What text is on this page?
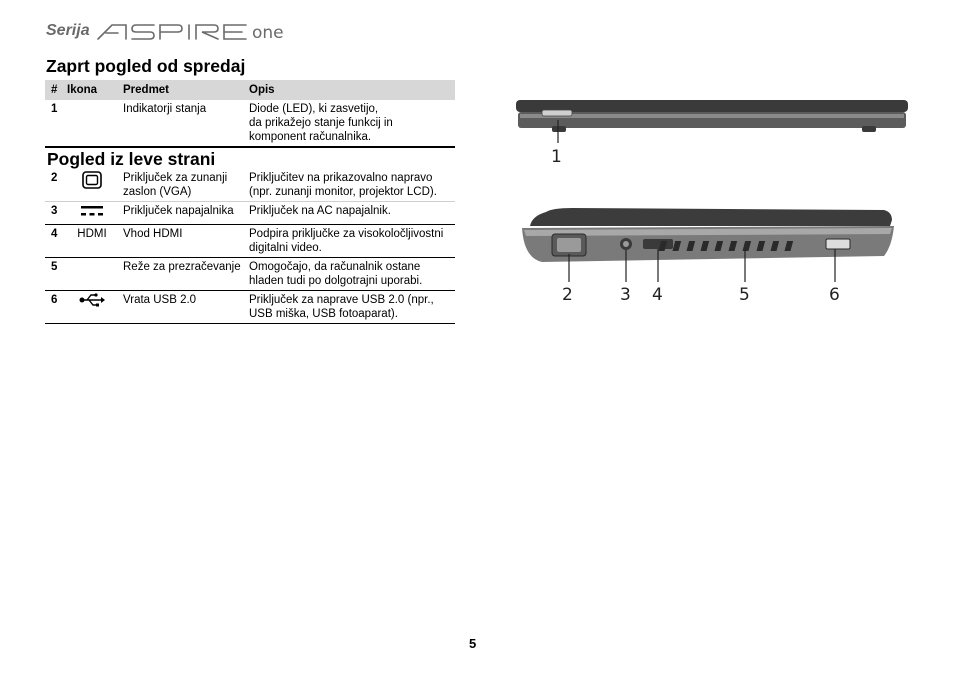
Serija	one
Zaprt pogled od spredaj
#	Ikona	Predmet	Opis
1		Indikatorji stanja	Diode (LED), ki zasvetijo,
da prikažejo stanje funkcij in
komponent računalnika.
Pogled iz leve strani
2		Priključek za zunanji zaslon (VGA)	Priključitev na prikazovalno napravo (npr. zunanji monitor, projektor LCD).
3		Priključek napajalnika	Priključek na AC napajalnik.
4	HDMI	Vhod HDMI	Podpira priključke za visokoločljivostni digitalni video.
5		Reže za prezračevanje	Omogočajo, da računalnik ostane hladen tudi po dolgotrajni uporabi.
6		Vrata USB 2.0	Priključek za naprave USB 2.0 (npr., USB miška, USB fotoaparat).
1
2	3 4	5	6
5
